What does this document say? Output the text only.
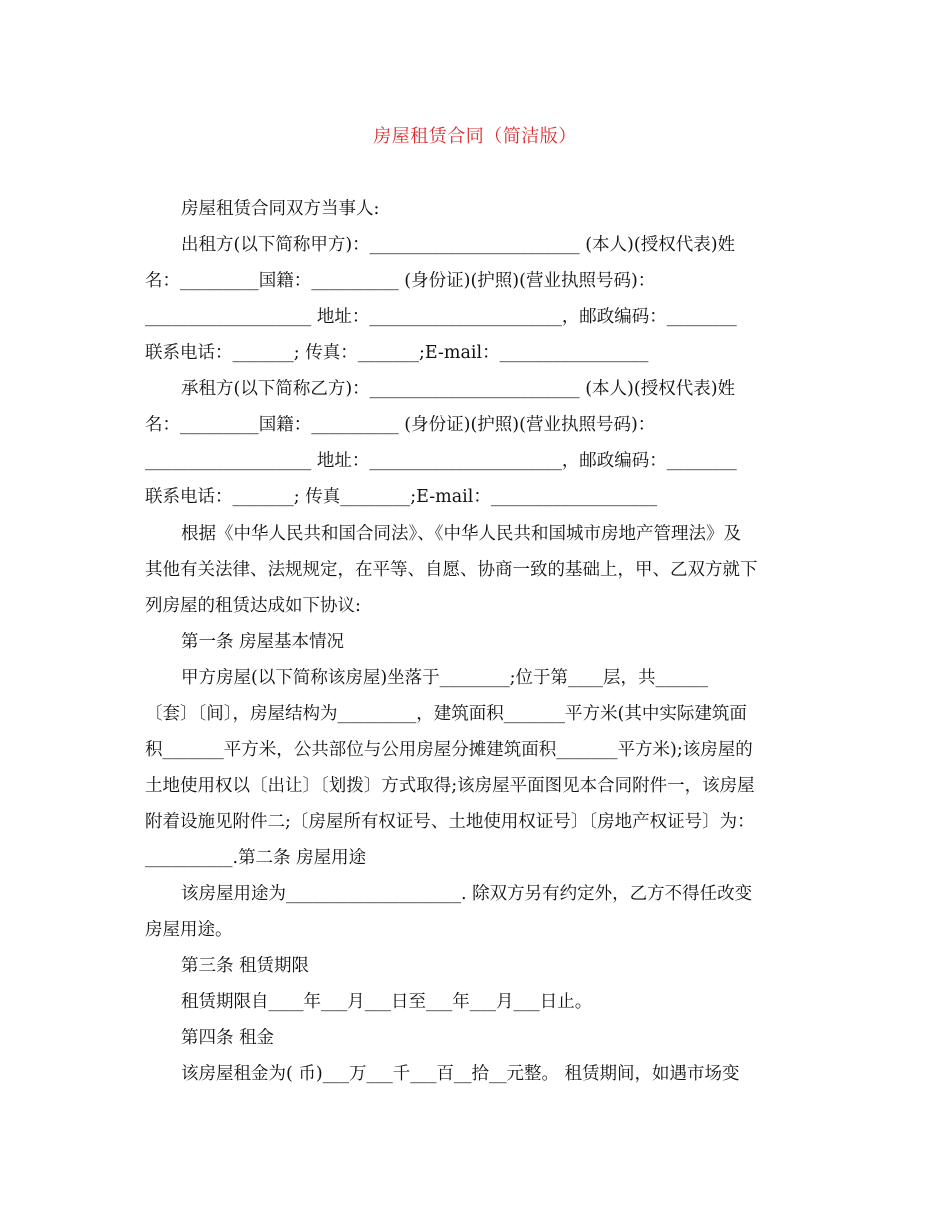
房屋租赁合同（简洁版）
房屋租赁合同双方当事人:
出租方(以下简称甲方)：________________________ (本人)(授权代表)姓
名：_________国籍：__________ (身份证)(护照)(营业执照号码)：
___________________ 地址：______________________，邮政编码：________
联系电话：_______; 传真：_______;E-mail：_________________
承租方(以下简称乙方)：________________________ (本人)(授权代表)姓
名：_________国籍：__________ (身份证)(护照)(营业执照号码)：
___________________ 地址：______________________，邮政编码：________
联系电话：_______; 传真________;E-mail：___________________
根据《中华人民共和国合同法》、《中华人民共和国城市房地产管理法》及
其他有关法律、法规规定，在平等、自愿、协商一致的基础上，甲、乙双方就下
列房屋的租赁达成如下协议:
第一条 房屋基本情况
甲方房屋(以下简称该房屋)坐落于________;位于第____层，共______
〔套〕〔间〕，房屋结构为_________，建筑面积_______平方米(其中实际建筑面
积_______平方米，公共部位与公用房屋分摊建筑面积_______平方米);该房屋的
土地使用权以〔出让〕〔划拨〕方式取得;该房屋平面图见本合同附件一，该房屋
附着设施见附件二;〔房屋所有权证号、土地使用权证号〕〔房地产权证号〕为：
__________.第二条 房屋用途
该房屋用途为____________________. 除双方另有约定外，乙方不得任改变
房屋用途。
第三条 租赁期限
租赁期限自____年___月___日至___年___月___日止。
第四条 租金
该房屋租金为( 币)___万___千___百__拾__元整。 租赁期间，如遇市场变
